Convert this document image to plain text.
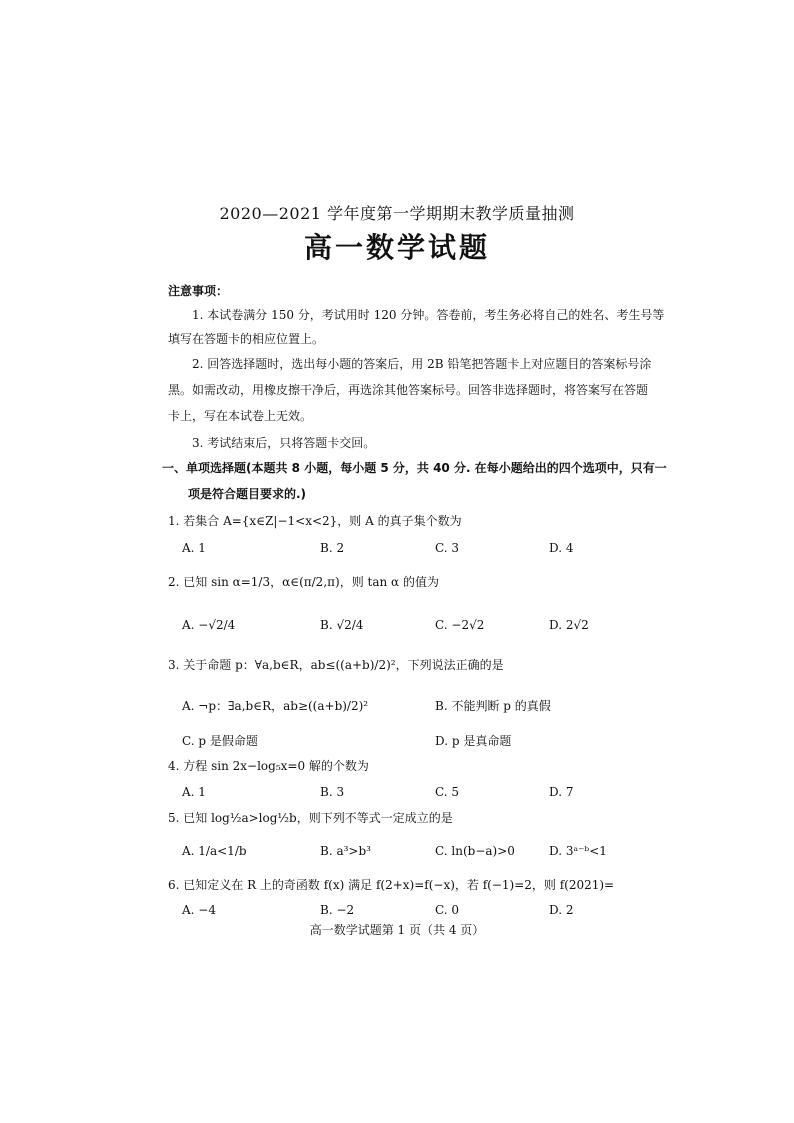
2020—2021 学年度第一学期期末教学质量抽测
高一数学试题
注意事项：
1. 本试卷满分 150 分，考试用时 120 分钟。答卷前，考生务必将自己的姓名、考生号等
填写在答题卡的相应位置上。
2. 回答选择题时，选出每小题的答案后，用 2B 铅笔把答题卡上对应题目的答案标号涂
黑。如需改动，用橡皮擦干净后，再选涂其他答案标号。回答非选择题时，将答案写在答题
卡上，写在本试卷上无效。
3. 考试结束后，只将答题卡交回。
一、单项选择题(本题共 8 小题，每小题 5 分，共 40 分. 在每小题给出的四个选项中，只有一
项是符合题目要求的.)
1. 若集合 A={x∈Z|−1<x<2}，则 A 的真子集个数为
A. 1	B. 2	C. 3	D. 4
2. 已知 sin α=1/3，α∈(π/2,π)，则 tan α 的值为
A. −√2/4	B. √2/4	C. −2√2	D. 2√2
3. 关于命题 p：∀a,b∈R，ab≤((a+b)/2)²，下列说法正确的是
A. ¬p：∃a,b∈R，ab≥((a+b)/2)²	B. 不能判断 p 的真假
C. p 是假命题	D. p 是真命题
4. 方程 sin 2x−log₅x=0 解的个数为
A. 1	B. 3	C. 5	D. 7
5. 已知 log½a>log½b，则下列不等式一定成立的是
A. 1/a<1/b	B. a³>b³	C. ln(b−a)>0	D. 3ᵃ⁻ᵇ<1
6. 已知定义在 R 上的奇函数 f(x) 满足 f(2+x)=f(−x)，若 f(−1)=2，则 f(2021)=
A. −4	B. −2	C. 0	D. 2
高一数学试题第 1 页（共 4 页）
